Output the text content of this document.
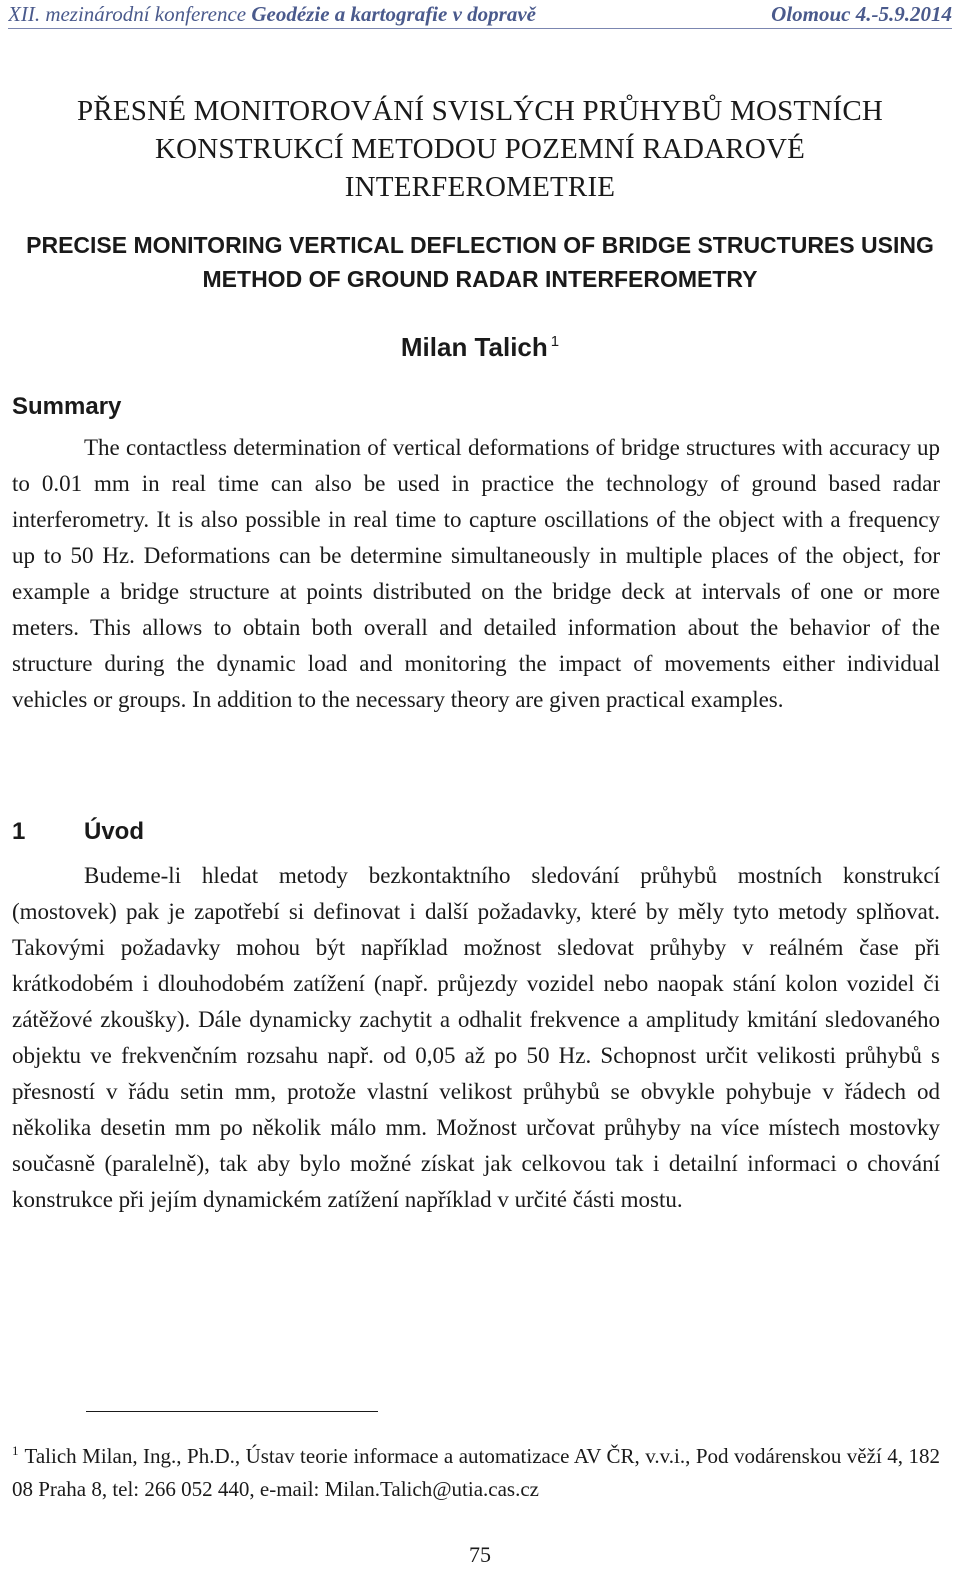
XII. mezinárodní konference Geodézie a kartografie v dopravě	Olomouc 4.-5.9.2014
PŘESNÉ MONITOROVÁNÍ SVISLÝCH PRŮHYBŮ MOSTNÍCH KONSTRUKCÍ METODOU POZEMNÍ RADAROVÉ INTERFEROMETRIE
PRECISE MONITORING VERTICAL DEFLECTION OF BRIDGE STRUCTURES USING METHOD OF GROUND RADAR INTERFEROMETRY
Milan Talich $^1$
Summary

The contactless determination of vertical deformations of bridge structures with accuracy up to 0.01 mm in real time can also be used in practice the technology of ground based radar interferometry. It is also possible in real time to capture oscillations of the object with a frequency up to 50 Hz. Deformations can be determine simultaneously in multiple places of the object, for example a bridge structure at points distributed on the bridge deck at intervals of one or more meters. This allows to obtain both overall and detailed information about the behavior of the structure during the dynamic load and monitoring the impact of movements either individual vehicles or groups. In addition to the necessary theory are given practical examples.

1 Úvod

Budeme-li hledat metody bezkontaktního sledování průhybů mostních konstrukcí (mostovek) pak je zapotřebí si definovat i další požadavky, které by měly tyto metody splňovat. Takovými požadavky mohou být například možnost sledovat průhyby v reálném čase při krátkodobém i dlouhodobém zatížení (např. průjezdy vozidel nebo naopak stání kolon vozidel či zátěžové zkoušky). Dále dynamicky zachytit a odhalit frekvence a amplitudy kmitání sledovaného objektu ve frekvenčním rozsahu např. od 0,05 až po 50 Hz. Schopnost určit velikosti průhybů s přesností v řádu setin mm, protože vlastní velikost průhybů se obvykle pohybuje v řádech od několika desetin mm po několik málo mm. Možnost určovat průhyby na více místech mostovky současně (paralelně), tak aby bylo možné získat jak celkovou tak i detailní informaci o chování konstrukce při jejím dynamickém zatížení například v určité části mostu.

$^1$ Talich Milan, Ing., Ph.D., Ústav teorie informace a automatizace AV ČR, v.v.i., Pod vodárenskou věží 4, 182 08 Praha 8, tel: 266 052 440, e-mail: Milan.Talich@utia.cas.cz

75
